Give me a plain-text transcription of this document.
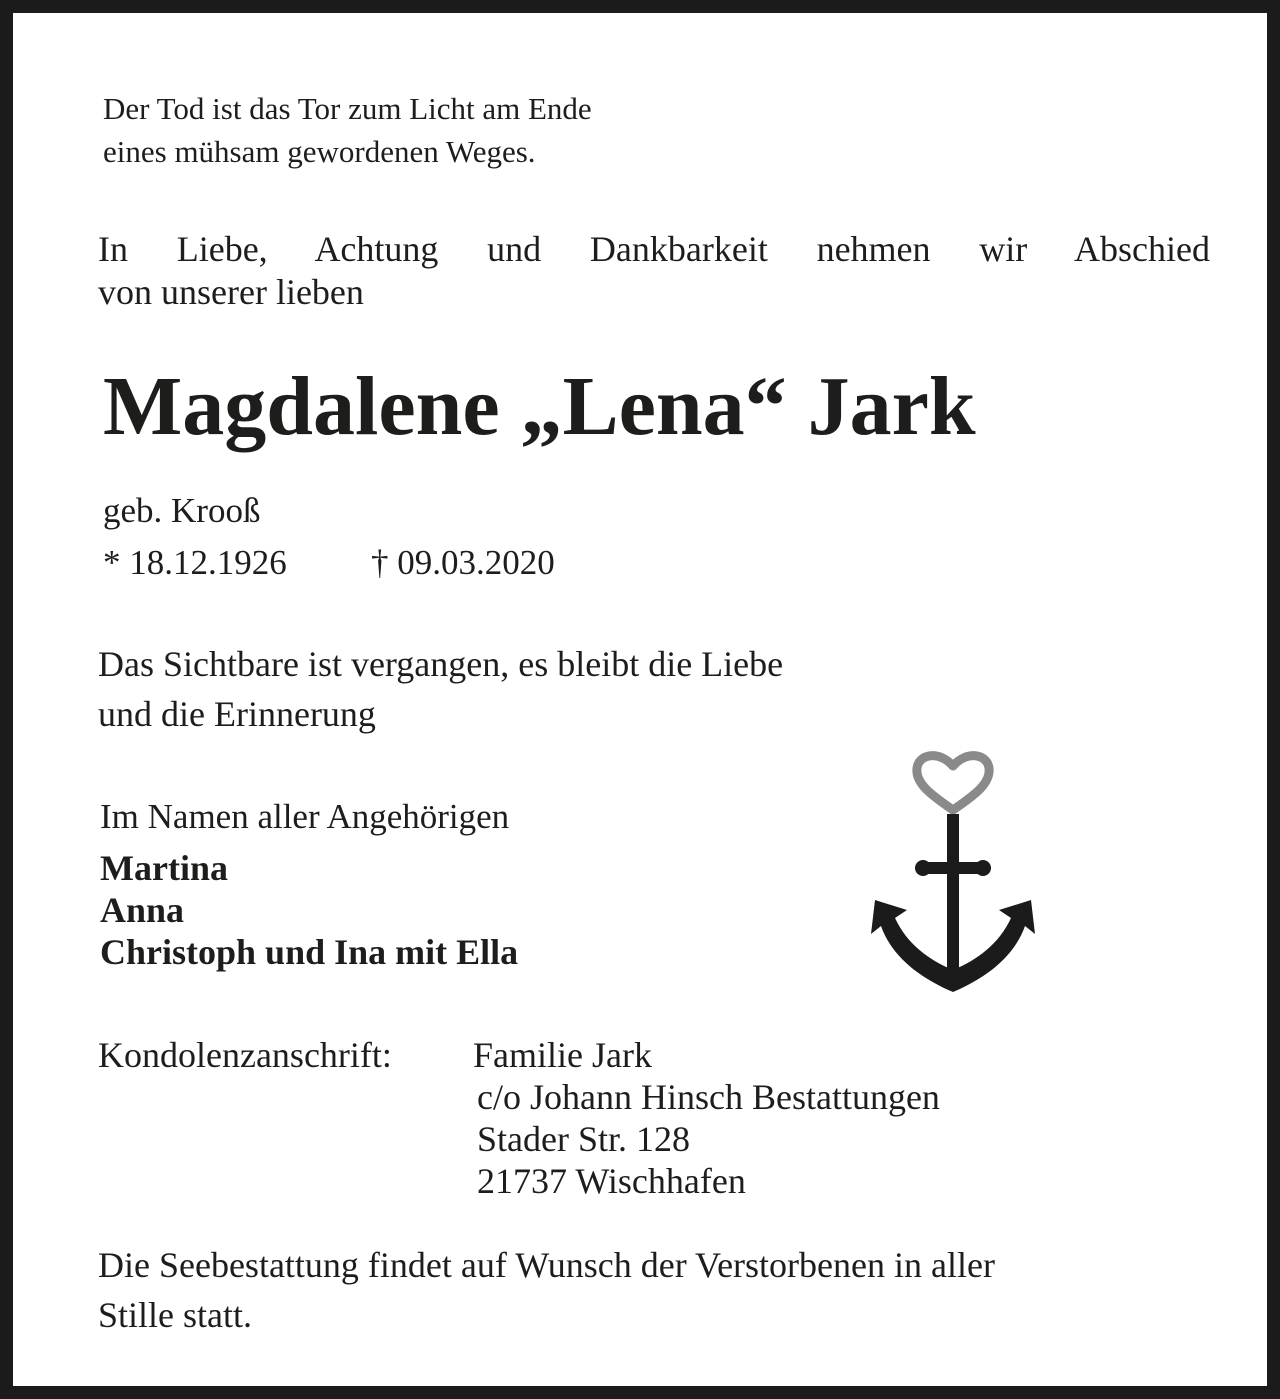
Der Tod ist das Tor zum Licht am Ende
eines mühsam gewordenen Weges.
In Liebe, Achtung und Dankbarkeit nehmen wir Abschied
von unserer lieben
Magdalene „Lena“ Jark
geb. Krooß
* 18.12.1926 † 09.03.2020
Das Sichtbare ist vergangen, es bleibt die Liebe
und die Erinnerung
Im Namen aller Angehörigen
Martina
Anna
Christoph und Ina mit Ella
Kondolenzanschrift: Familie Jark
c/o Johann Hinsch Bestattungen
Stader Str. 128
21737 Wischhafen
Die Seebestattung findet auf Wunsch der Verstorbenen in aller
Stille statt.
